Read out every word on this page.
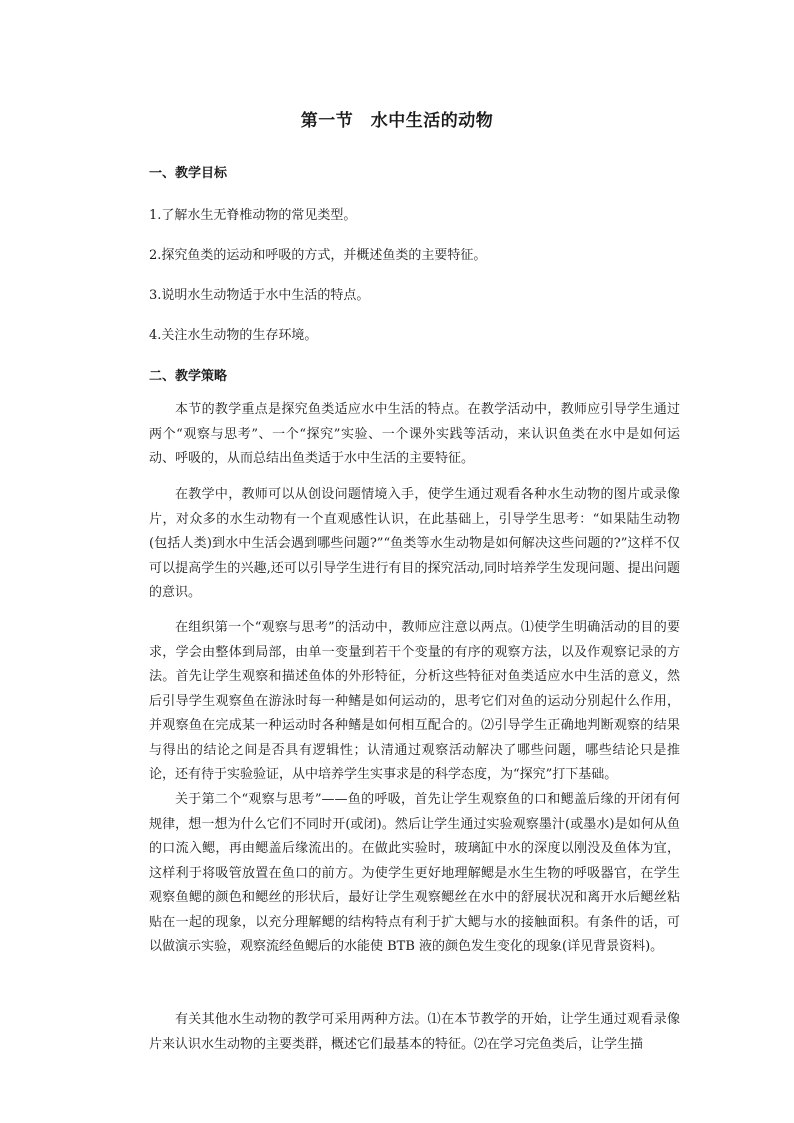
第一节　水中生活的动物
一、教学目标
1.了解水生无脊椎动物的常见类型。
2.探究鱼类的运动和呼吸的方式，并概述鱼类的主要特征。
3.说明水生动物适于水中生活的特点。
4.关注水生动物的生存环境。
二、教学策略

本节的教学重点是探究鱼类适应水中生活的特点。在教学活动中，教师应引导学生通过两个“观察与思考”、一个“探究”实验、一个课外实践等活动，来认识鱼类在水中是如何运动、呼吸的，从而总结出鱼类适于水中生活的主要特征。

在教学中，教师可以从创设问题情境入手，使学生通过观看各种水生动物的图片或录像片，对众多的水生动物有一个直观感性认识，在此基础上，引导学生思考：“如果陆生动物(包括人类)到水中生活会遇到哪些问题?”“鱼类等水生动物是如何解决这些问题的?”这样不仅可以提高学生的兴趣,还可以引导学生进行有目的探究活动,同时培养学生发现问题、提出问题的意识。

在组织第一个“观察与思考”的活动中，教师应注意以两点。⑴使学生明确活动的目的要求，学会由整体到局部，由单一变量到若干个变量的有序的观察方法，以及作观察记录的方法。首先让学生观察和描述鱼体的外形特征，分析这些特征对鱼类适应水中生活的意义，然后引导学生观察鱼在游泳时每一种鳍是如何运动的，思考它们对鱼的运动分别起什么作用，并观察鱼在完成某一种运动时各种鳍是如何相互配合的。⑵引导学生正确地判断观察的结果与得出的结论之间是否具有逻辑性；认清通过观察活动解决了哪些问题，哪些结论只是推论，还有待于实验验证，从中培养学生实事求是的科学态度，为“探究”打下基础。

关于第二个“观察与思考”——鱼的呼吸，首先让学生观察鱼的口和鳃盖后缘的开闭有何规律，想一想为什么它们不同时开(或闭)。然后让学生通过实验观察墨汁(或墨水)是如何从鱼的口流入鳃，再由鳃盖后缘流出的。在做此实验时，玻璃缸中水的深度以刚没及鱼体为宜，这样利于将吸管放置在鱼口的前方。为使学生更好地理解鳃是水生生物的呼吸器官，在学生观察鱼鳃的颜色和鳃丝的形状后，最好让学生观察鳃丝在水中的舒展状况和离开水后鳃丝粘贴在一起的现象，以充分理解鳃的结构特点有利于扩大鳃与水的接触面积。有条件的话，可以做演示实验，观察流经鱼鳃后的水能使 BTB 液的颜色发生变化的现象(详见背景资料)。

有关其他水生动物的教学可采用两种方法。⑴在本节教学的开始，让学生通过观看录像片来认识水生动物的主要类群，概述它们最基本的特征。⑵在学习完鱼类后，让学生描
